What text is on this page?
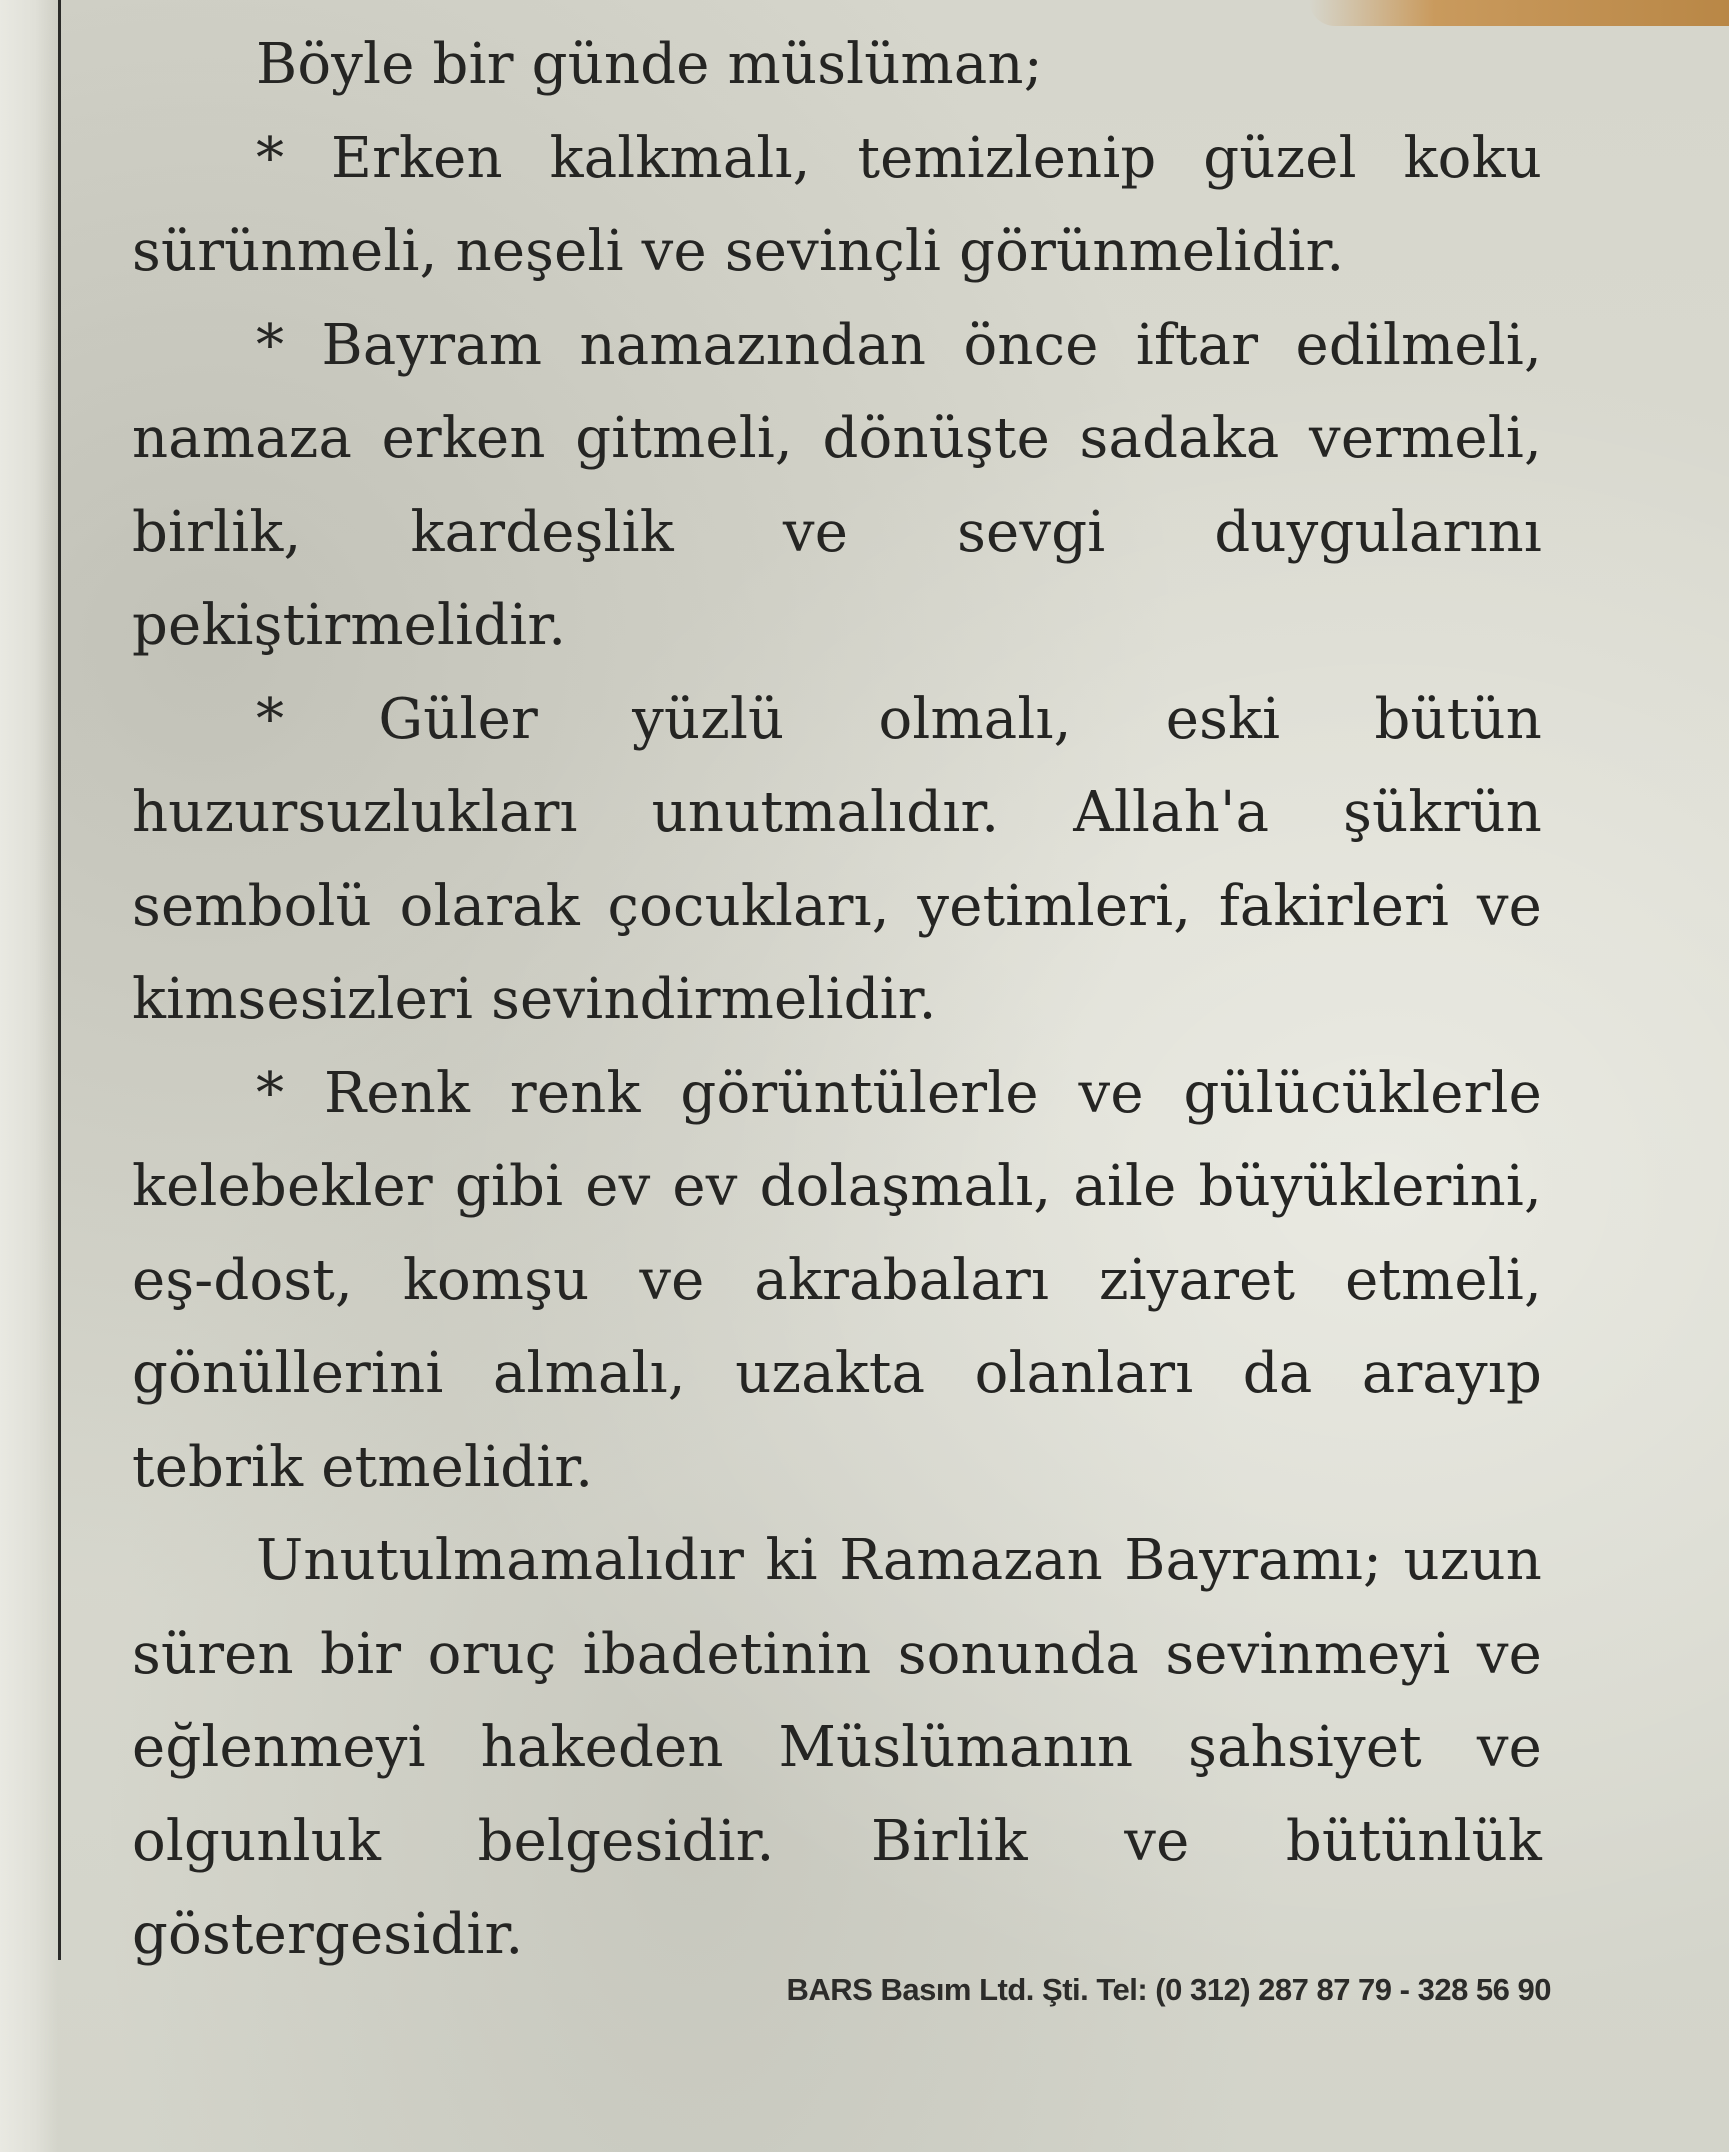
Böyle bir günde müslüman;

* Erken kalkmalı, temizlenip güzel koku sürünmeli, neşeli ve sevinçli görünmelidir.

* Bayram namazından önce iftar edilmeli, namaza erken gitmeli, dönüşte sadaka vermeli, birlik, kardeşlik ve sevgi duygularını pekiştirmelidir.

* Güler yüzlü olmalı, eski bütün huzursuzlukları unutmalıdır. Allah'a şükrün sembolü olarak çocukları, yetimleri, fakirleri ve kimsesizleri sevindirmelidir.

* Renk renk görüntülerle ve gülücüklerle kelebekler gibi ev ev dolaşmalı, aile büyüklerini, eş-dost, komşu ve akrabaları ziyaret etmeli, gönüllerini almalı, uzakta olanları da arayıp tebrik etmelidir.

Unutulmamalıdır ki Ramazan Bayramı; uzun süren bir oruç ibadetinin sonunda sevinmeyi ve eğlenmeyi hakeden Müslümanın şahsiyet ve olgunluk belgesidir. Birlik ve bütünlük göstergesidir.

BARS Basım Ltd. Şti. Tel: (0 312) 287 87 79 - 328 56 90
